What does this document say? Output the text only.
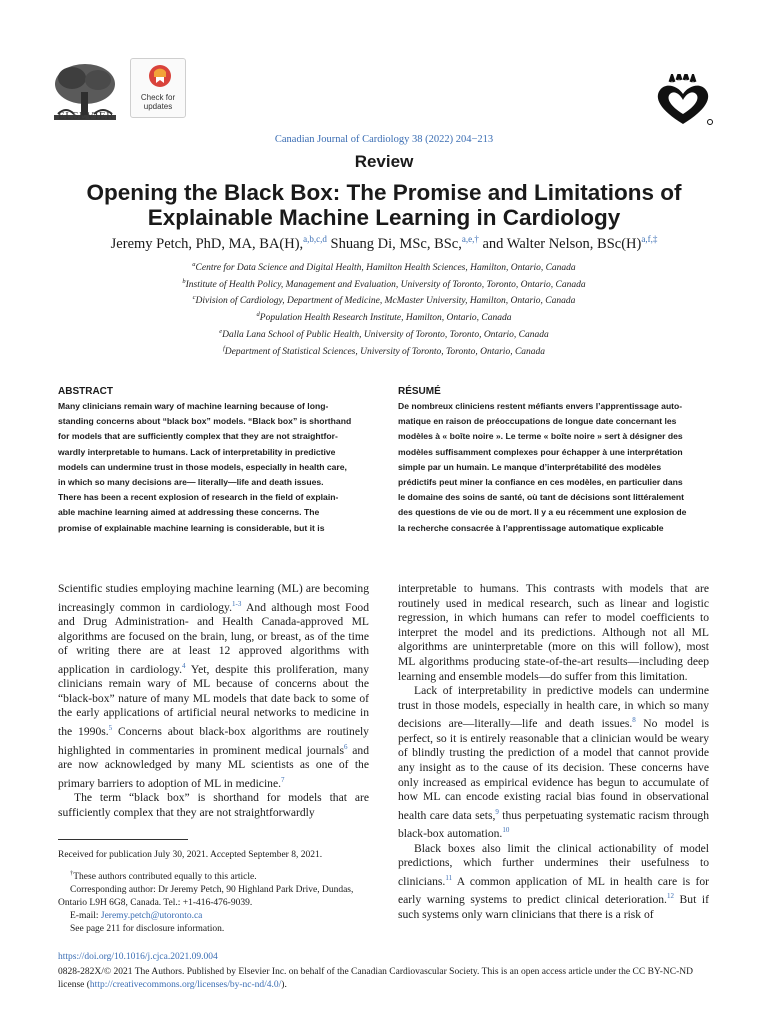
ELSEVIER
Check for
updates
Canadian Journal of Cardiology 38 (2022) 204−213
Review
Opening the Black Box: The Promise and Limitations of
Explainable Machine Learning in Cardiology
Jeremy Petch, PhD, MA, BA(H),$^{a,b,c,d}$ Shuang Di, MSc, BSc,$^{a,e,\dagger}$ and Walter Nelson, $BSc(H)^{a,f,\ddagger}$
$^a$Centre for Data Science and Digital Health, Hamilton Health Sciences, Hamilton, Ontario, Canada
$^b$Institute of Health Policy, Management and Evaluation, University of Toronto, Toronto, Ontario, Canada
$^c$Division of Cardiology, Department of Medicine, McMaster University, Hamilton, Ontario, Canada
$^d$Population Health Research Institute, Hamilton, Ontario, Canada
$^e$Dalla Lana School of Public Health, University of Toronto, Toronto, Ontario, Canada
$^f$Department of Statistical Sciences, University of Toronto, Toronto, Ontario, Canada
ABSTRACT
Many clinicians remain wary of machine learning because of long-
standing concerns about “black box” models. “Black box” is shorthand
for models that are sufficiently complex that they are not straightfor-
wardly interpretable to humans. Lack of interpretability in predictive
models can undermine trust in those models, especially in health care,
in which so many decisions are— literally—life and death issues.
There has been a recent explosion of research in the field of explain-
able machine learning aimed at addressing these concerns. The
promise of explainable machine learning is considerable, but it is
RÉSUMÉ
De nombreux cliniciens restent méfiants envers l’apprentissage auto-
matique en raison de préoccupations de longue date concernant les
modèles à « boîte noire ». Le terme « boîte noire » sert à désigner des
modèles suffisamment complexes pour échapper à une interprétation
simple par un humain. Le manque d’interprétabilité des modèles
prédictifs peut miner la confiance en ces modèles, en particulier dans
le domaine des soins de santé, où tant de décisions sont littéralement
des questions de vie ou de mort. Il y a eu récemment une explosion de
la recherche consacrée à l’apprentissage automatique explicable

Scientific studies employing machine learning (ML) are becoming increasingly common in cardiology.$^{1-3}$ And although most Food and Drug Administration- and Health Canada-approved ML algorithms are focused on the brain, lung, or breast, as of the time of writing there are at least 12 approved algorithms with application in cardiology.$^4$ Yet, despite this proliferation, many clinicians remain wary of ML because of concerns about the “black-box” nature of many ML models that date back to some of the early applications of artificial neural networks to medicine in the 1990s.$^5$ Concerns about black-box algorithms are routinely highlighted in commentaries in prominent medical journals$^6$ and are now acknowledged by many ML scientists as one of the primary barriers to adoption of ML in medicine.$^7$

The term “black box” is shorthand for models that are sufficiently complex that they are not straightforwardly

Received for publication July 30, 2021. Accepted September 8, 2021.
†These authors contributed equally to this article.
Corresponding author: Dr Jeremy Petch, 90 Highland Park Drive, Dundas, Ontario L9H 6G8, Canada. Tel.: +1-416-476-9039.
E-mail: Jeremy.petch@utoronto.ca
See page 211 for disclosure information.

interpretable to humans. This contrasts with models that are routinely used in medical research, such as linear and logistic regression, in which humans can refer to model coefficients to interpret the model and its predictions. Although not all ML algorithms are uninterpretable (more on this will follow), most ML algorithms producing state-of-the-art results—including deep learning and ensemble models—do suffer from this limitation.

Lack of interpretability in predictive models can undermine trust in those models, especially in health care, in which so many decisions are—literally—life and death issues.$^8$ No model is perfect, so it is entirely reasonable that a clinician would be weary of blindly trusting the prediction of a model that cannot provide any insight as to the cause of its decision. These concerns have only increased as empirical evidence has begun to accumulate of how ML can encode existing racial bias found in observational health care data sets,$^9$ thus perpetuating systematic racism through black-box automation.$^{10}$

Black boxes also limit the clinical actionability of model predictions, which further undermines their usefulness to clinicians.$^{11}$ A common application of ML in health care is for early warning systems to predict clinical deterioration.$^{12}$ But if such systems only warn clinicians that there is a risk of

https://doi.org/10.1016/j.cjca.2021.09.004
0828-282X/© 2021 The Authors. Published by Elsevier Inc. on behalf of the Canadian Cardiovascular Society. This is an open access article under the CC BY-NC-ND license (http://creativecommons.org/licenses/by-nc-nd/4.0/).
